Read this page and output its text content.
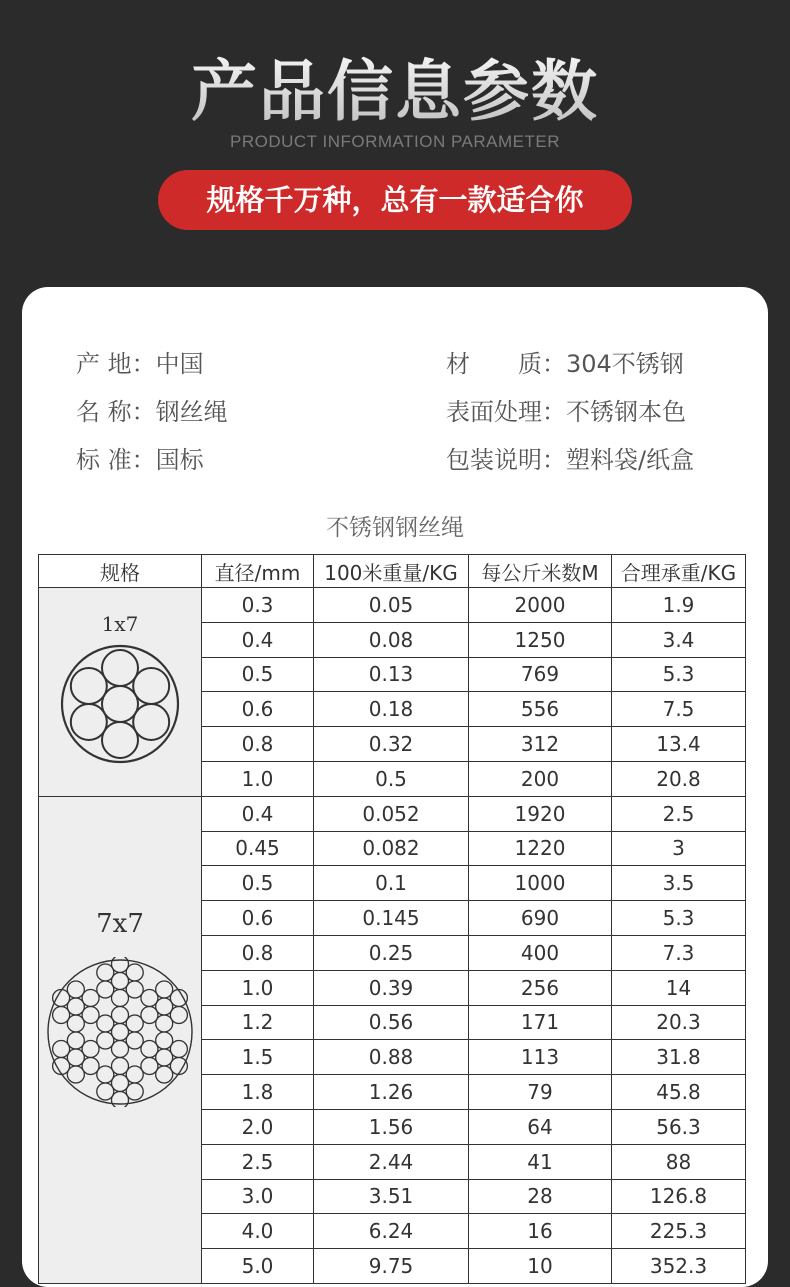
产品信息参数
PRODUCT INFORMATION PARAMETER
规格千万种，总有一款适合你
产 地：中国	材　　质：304不锈钢
名 称：钢丝绳	表面处理：不锈钢本色
标 准：国标	包装说明：塑料袋/纸盒
不锈钢钢丝绳
规格	直径/mm	100米重量/KG	每公斤米数M	合理承重/KG

1x7	0.3	0.05	2000	1.9
	0.4	0.08	1250	3.4
	0.5	0.13	769	5.3
	0.6	0.18	556	7.5
	0.8	0.32	312	13.4
	1.0	0.5	200	20.8

7x7	0.4	0.052	1920	2.5
	0.45	0.082	1220	3
	0.5	0.1	1000	3.5
	0.6	0.145	690	5.3
	0.8	0.25	400	7.3
	1.0	0.39	256	14
	1.2	0.56	171	20.3
	1.5	0.88	113	31.8
	1.8	1.26	79	45.8
	2.0	1.56	64	56.3
	2.5	2.44	41	88
	3.0	3.51	28	126.8
	4.0	6.24	16	225.3
	5.0	9.75	10	352.3
